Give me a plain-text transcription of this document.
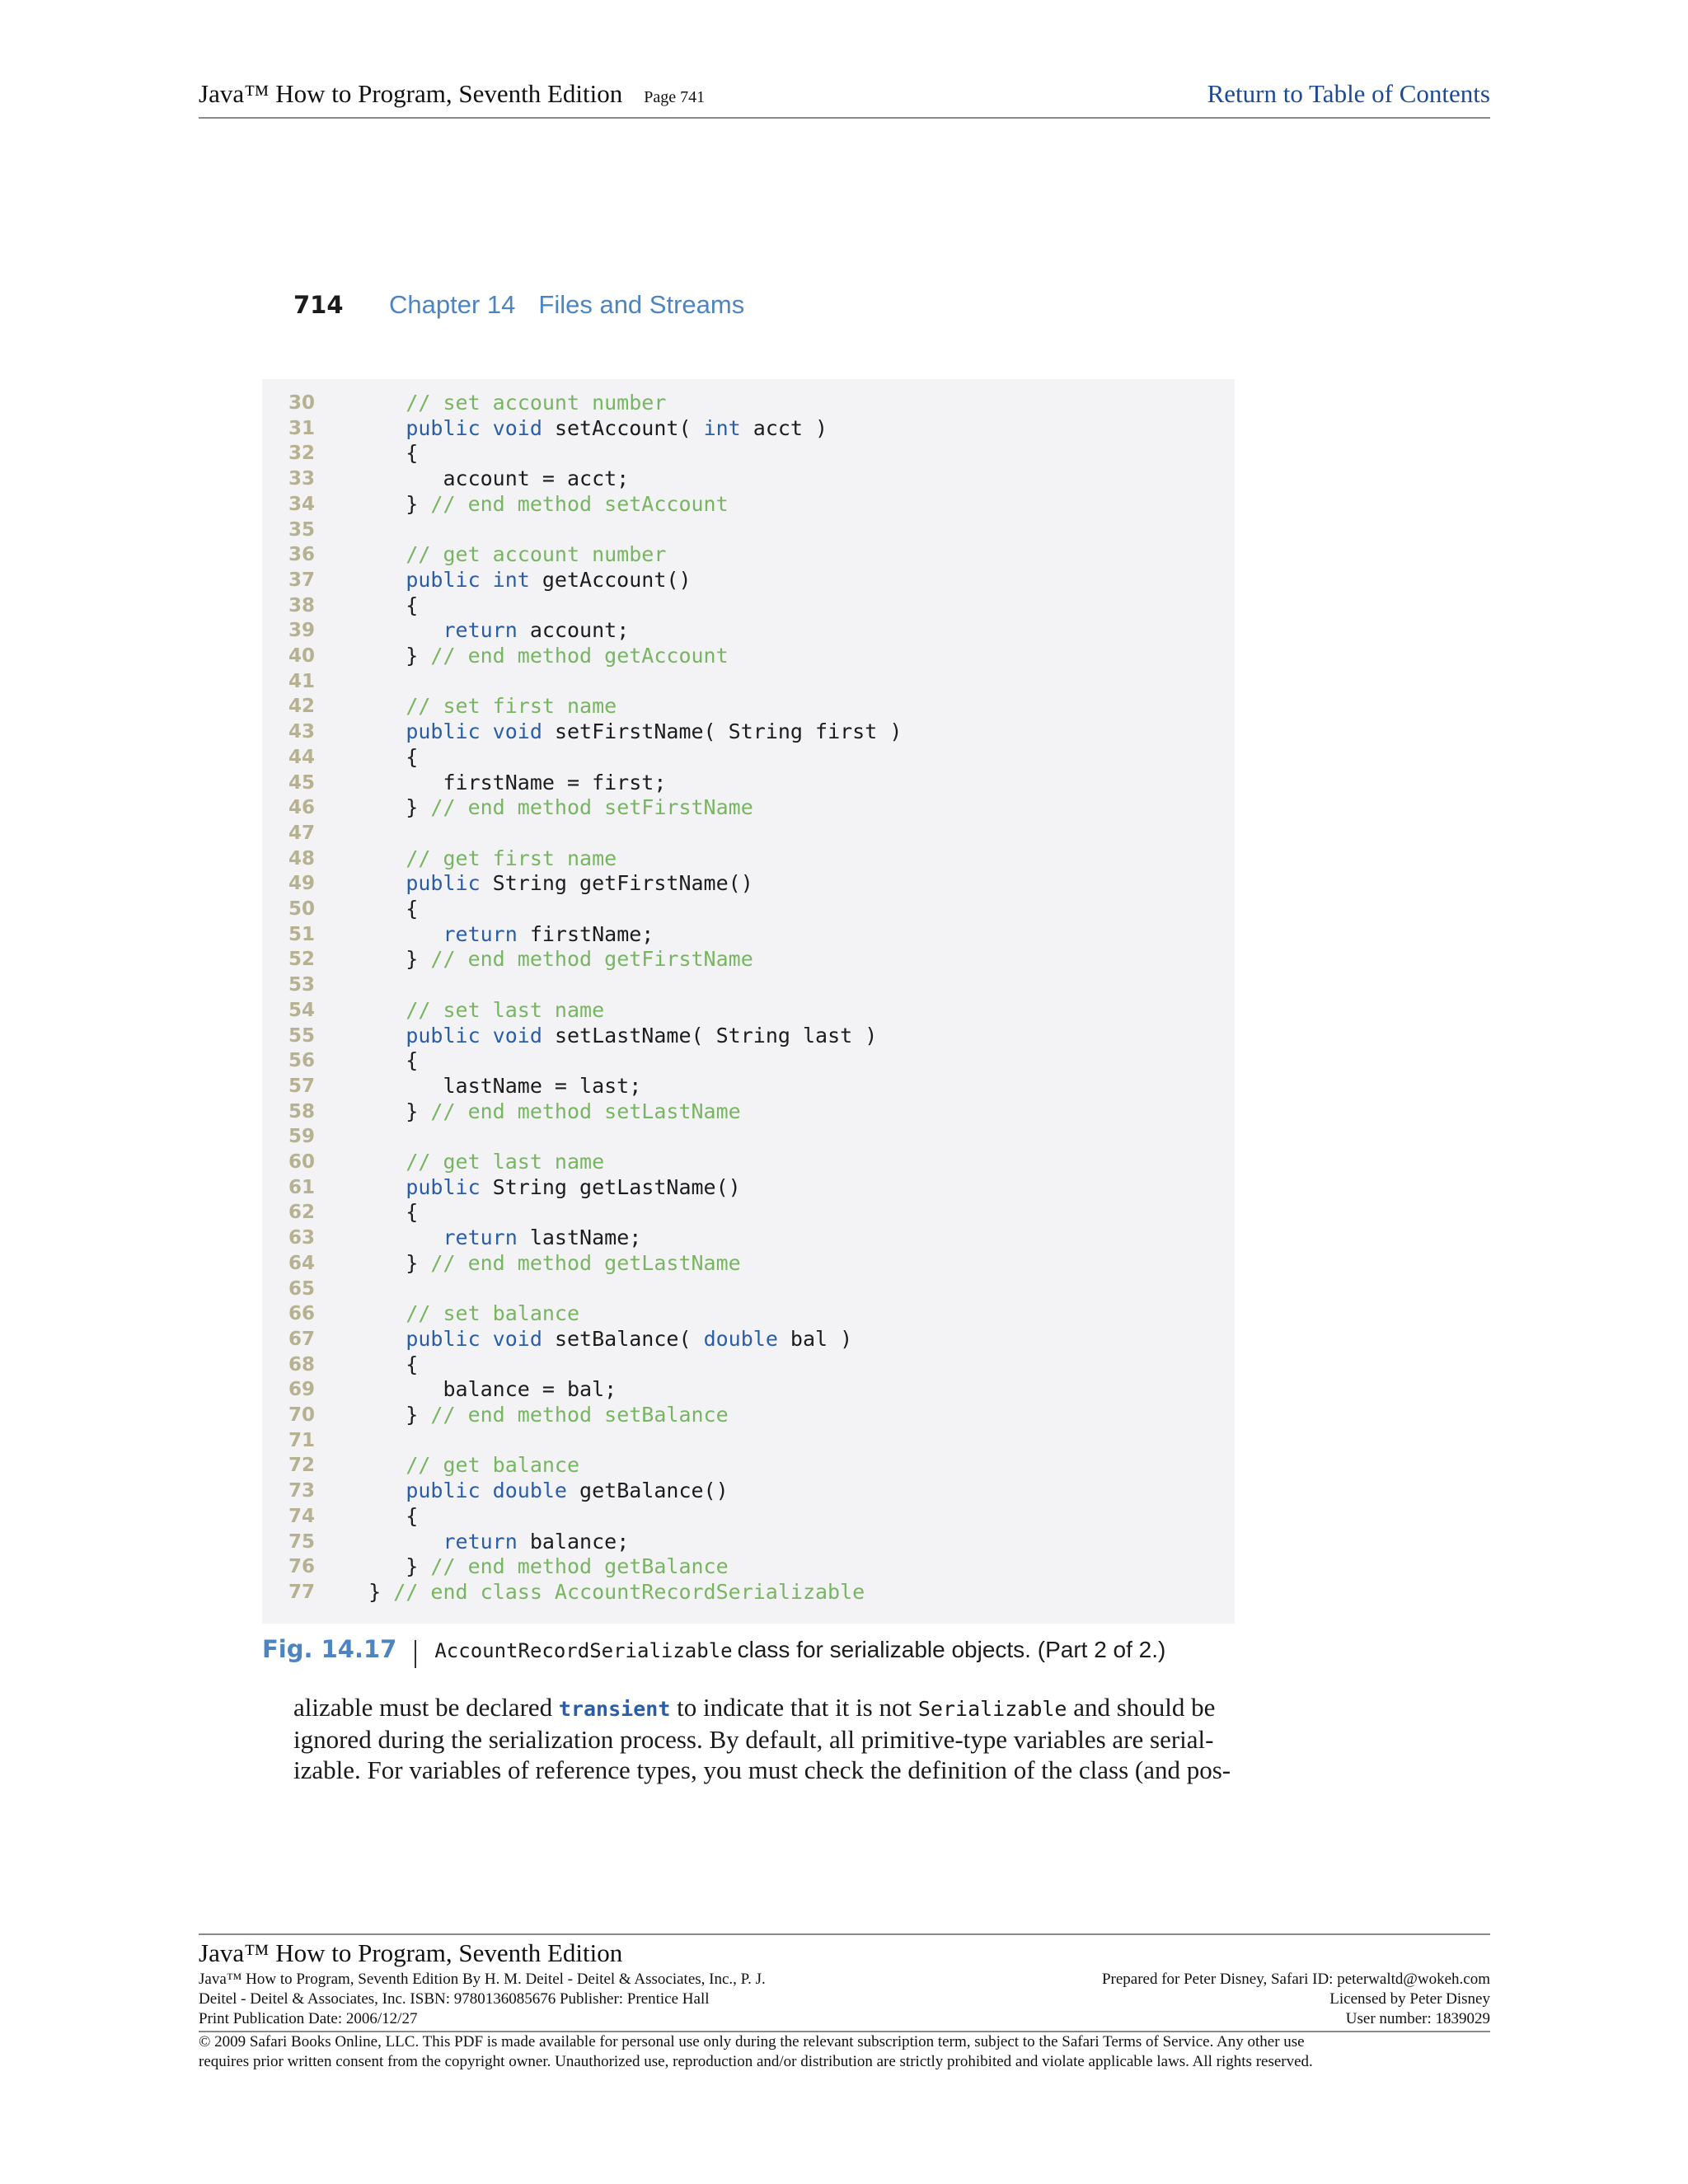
Java™ How to Program, Seventh Edition Page 741	Return to Table of Contents
714 Chapter 14 Files and Streams
30	// set account number
31	public void setAccount( int acct )
32 {
33 account = acct;
34 } // end method setAccount
35
36	// get account number
37	public int getAccount()
38 {
39	return account;
40 } // end method getAccount
41
42	// set first name
43	public void setFirstName( String first )
44 {
45 firstName = first;
46 } // end method setFirstName
47
48	// get first name
49	public String getFirstName()
50 {
51	return firstName;
52 } // end method getFirstName
53
54	// set last name
55	public void setLastName( String last )
56 {
57 lastName = last;
58 } // end method setLastName
59
60	// get last name
61	public String getLastName()
62 {
63	return lastName;
64 } // end method getLastName
65
66	// set balance
67	public void setBalance( double bal )
68 {
69 balance = bal;
70 } // end method setBalance
71
72	// get balance
73	public double getBalance()
74 {
75	return balance;
76 } // end method getBalance
77 } // end class AccountRecordSerializable
Fig. 14.17 AccountRecordSerializable class for serializable objects. (Part 2 of 2.)
alizable must be declared transient to indicate that it is not Serializable and should be
ignored during the serialization process. By default, all primitive-type variables are serial-
izable. For variables of reference types, you must check the definition of the class (and pos-
Java™ How to Program, Seventh Edition
Java™ How to Program, Seventh Edition By H. M. Deitel - Deitel & Associates, Inc., P. J.
Deitel - Deitel & Associates, Inc. ISBN: 9780136085676 Publisher: Prentice Hall
Print Publication Date: 2006/12/27
Prepared for Peter Disney, Safari ID: peterwaltd@wokeh.com
Licensed by Peter Disney
User number: 1839029
© 2009 Safari Books Online, LLC. This PDF is made available for personal use only during the relevant subscription term, subject to the Safari Terms of Service. Any other use
requires prior written consent from the copyright owner. Unauthorized use, reproduction and/or distribution are strictly prohibited and violate applicable laws. All rights reserved.
